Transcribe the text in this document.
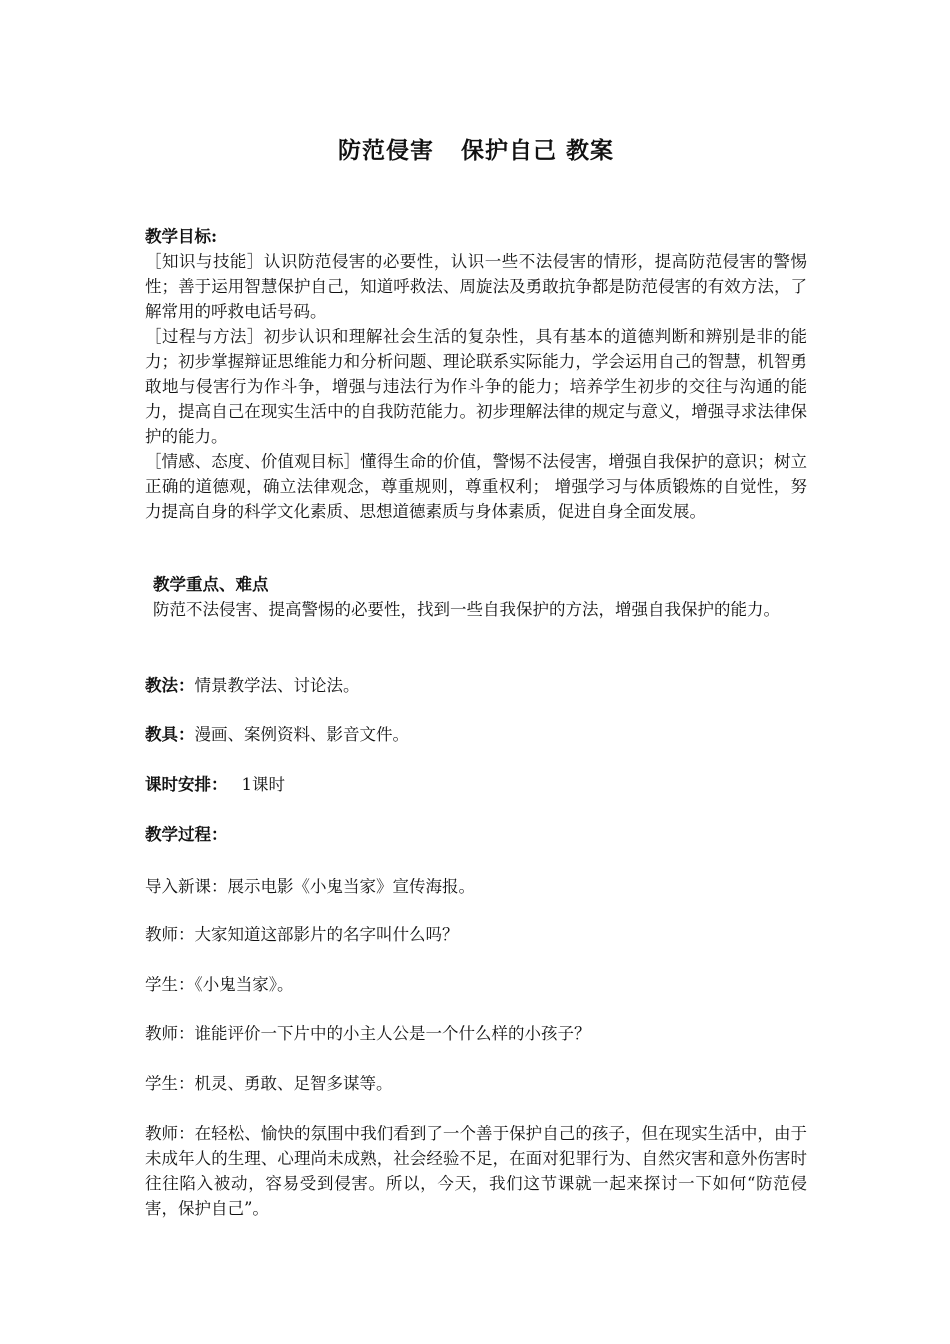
防范侵害   保护自己 教案
教学目标:
［知识与技能］认识防范侵害的必要性，认识一些不法侵害的情形，提高防范侵害的警惕性；善于运用智慧保护自己，知道呼救法、周旋法及勇敢抗争都是防范侵害的有效方法，了解常用的呼救电话号码。
［过程与方法］初步认识和理解社会生活的复杂性，具有基本的道德判断和辨别是非的能力；初步掌握辩证思维能力和分析问题、理论联系实际能力，学会运用自己的智慧，机智勇敢地与侵害行为作斗争，增强与违法行为作斗争的能力；培养学生初步的交往与沟通的能力，提高自己在现实生活中的自我防范能力。初步理解法律的规定与意义，增强寻求法律保护的能力。
［情感、态度、价值观目标］懂得生命的价值，警惕不法侵害，增强自我保护的意识；树立正确的道德观，确立法律观念，尊重规则，尊重权利； 增强学习与体质锻炼的自觉性，努力提高自身的科学文化素质、思想道德素质与身体素质，促进自身全面发展。
教学重点、难点
防范不法侵害、提高警惕的必要性，找到一些自我保护的方法，增强自我保护的能力。
教法：情景教学法、讨论法。
教具：漫画、案例资料、影音文件。
课时安排： 1课时
教学过程：
导入新课：展示电影《小鬼当家》宣传海报。
教师：大家知道这部影片的名字叫什么吗？
学生：《小鬼当家》。
教师：谁能评价一下片中的小主人公是一个什么样的小孩子？
学生：机灵、勇敢、足智多谋等。
教师：在轻松、愉快的氛围中我们看到了一个善于保护自己的孩子，但在现实生活中，由于未成年人的生理、心理尚未成熟，社会经验不足，在面对犯罪行为、自然灾害和意外伤害时往往陷入被动，容易受到侵害。所以，今天，我们这节课就一起来探讨一下如何“防范侵害，保护自己”。
